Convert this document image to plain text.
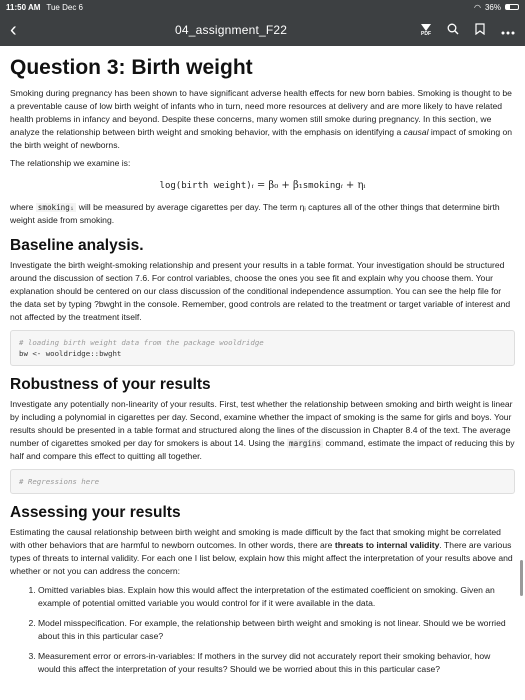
11:50 AM Tue Dec 6	◠ 36%
‹	04_assignment_F22	PDF
Question 3: Birth weight

Smoking during pregnancy has been shown to have significant adverse health effects for new born babies. Smoking is thought to be a preventable cause of low birth weight of infants who in turn, need more resources at delivery and are more likely to have related health problems in infancy and beyond. Despite these concerns, many women still smoke during pregnancy. In this section, we analyze the relationship between birth weight and smoking behavior, with the emphasis on identifying a causal impact of smoking on the birth weight of newborns.

The relationship we examine is:

log(birth weight)ᵢ = β₀ + β₁smokingᵢ + ηᵢ

where smokingᵢ will be measured by average cigarettes per day. The term ηᵢ captures all of the other things that determine birth weight aside from smoking.

Baseline analysis.

Investigate the birth weight-smoking relationship and present your results in a table format. Your investigation should be structured around the discussion of section 7.6. For control variables, choose the ones you see fit and explain why you choose them. Your explanation should be centered on our class discussion of the conditional independence assumption. You can see the help file for the data set by typing ?bwght in the console. Remember, good controls are related to the treatment or target variable of interest and not affected by the treatment itself.

# loading birth weight data from the package wooldridge
bw <- wooldridge::bwght
Robustness of your results

Investigate any potentially non-linearity of your results. First, test whether the relationship between smoking and birth weight is linear by including a polynomial in cigarettes per day. Second, examine whether the impact of smoking is the same for girls and boys. Your results should be presented in a table format and structured along the lines of the discussion in Chapter 8.4 of the text. The average number of cigarettes smoked per day for smokers is about 14. Using the margins command, estimate the impact of reducing this by half and compare this effect to quitting all together.

# Regressions here
Assessing your results

Estimating the causal relationship between birth weight and smoking is made difficult by the fact that smoking might be correlated with other behaviors that are harmful to newborn outcomes. In other words, there are threats to internal validity. There are various types of threats to internal validity. For each one I list below, explain how this might affect the interpretation of your results above and whether or not you can address the concern:

1. Omitted variables bias. Explain how this would affect the interpretation of the estimated coefficient on smoking. Given an example of potential omitted variable you would control for if it were available in the data.
2. Model misspecification. For example, the relationship between birth weight and smoking is not linear. Should we be worried about this in this particular case?
3. Measurement error or errors-in-variables: If mothers in the survey did not accurately report their smoking behavior, how would this affect the interpretation of your results? Should we be worried about this in this particular case?
